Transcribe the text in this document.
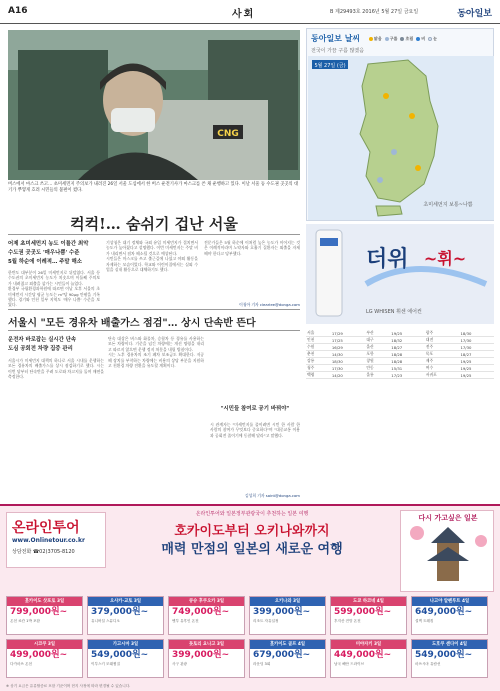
A16	사회	B 제29493호 2016년 5월 27일 금요일	동아일보
CNG
버스에서 마스크 쓰고… 초미세먼지 주의보가 내려진 26일 서울 도심에서 한 버스 운전기사가 마스크를 쓴 채 운행하고 있다. 이날 서울 등 수도권 곳곳의 대기가 뿌옇게 흐려 시민들의 불편이 컸다.
컥컥!… 숨쉬기 겁난 서울
어제 초미세먼지 농도 이틀간 최악
수도권 곳곳도 '매우나쁨' 수준
5월 하순에 이례적… 주말 해소

한반도 대부분이 26일 미세먼지로 뒤덮였다. 서울 등 수도권의 초미세먼지 농도가 치솟으며 이틀째 주의보가 내려졌고 외출을 삼가는 시민들이 늘었다.

환경부 국립환경과학원에 따르면 이날 오후 서울의 초미세먼지 시간당 평균 농도는 m³당 90μg 안팎을 기록했다. 경기와 인천 일부 지역도 '매우 나쁨' 수준을 보였다.

기상청은 대기 정체와 국외 유입 미세먼지가 겹치면서 농도가 높아졌다고 설명했다. 이번 미세먼지는 주말 비가 내리면서 점차 해소될 것으로 예상된다.

시민들은 마스크를 쓰고 출근길에 나섰고 야외 활동을 자제하는 모습이었다. 학교와 어린이집에서는 실외 수업을 실내 활동으로 대체하기도 했다.

전문가들은 5월 하순에 이처럼 높은 농도가 이어지는 것은 이례적이라며 노약자와 호흡기 질환자는 외출을 자제해야 한다고 당부했다.

이청아 기자 clearlee@donga.com
동아일보 날씨	맑음 구름 흐림 비 눈
전국이 가끔 구름 많겠음
5월 27일 (금)
초미세먼지 보통~나쁨
더위 ∼휘∼
LG WHISEN 휘센 에어컨
서울	17/29	부산	19/25	광주	18/30
인천	17/25	대구	18/32	대전	17/30
수원	16/29	울산	18/27	전주	17/30
춘천	14/30	포항	18/28	목포	18/27
강릉	18/30	창원	18/28	제주	19/25
청주	17/30	안동	15/31	여수	19/25
백령	14/20	울릉	17/23	서귀포	19/25
서울시 "모든 경유차 배출가스 점검"… 상시 단속반 뜬다
운전자 바로잡는 실시간 단속
도심 공회전 차량 집중 관리

서울시가 미세먼지 대책의 하나로 서울 시내를 운행하는 모든 경유차의 배출가스를 상시 점검하기로 했다. 시는 이번 달부터 단속반을 꾸려 도로와 차고지를 돌며 매연을 측정한다.

단속 대상은 버스와 화물차, 승합차 등 경유를 사용하는 모든 차량이다. 기준을 넘긴 차량에는 개선 명령을 내리고 따르지 않으면 운행 정지 처분을 내릴 방침이다.

시는 노후 경유차의 조기 폐차 보조금도 확대한다. 저공해 장치를 부착하는 차량에는 비용의 상당 부분을 지원하고 친환경 차량 전환을 유도할 계획이다.

"시민들 참여로 공기 바꿔야"

시 관계자는 "미세먼지를 줄이려면 시민 한 사람 한 사람의 참여가 무엇보다 중요하다"며 "대중교통 이용과 공회전 줄이기에 동참해 달라"고 말했다.

김성희 기자 saint@donga.com
온라인투어
www.Onlinetour.co.kr
상담전화 ☎02)3705-8120
온라인투어와 일본정부관광국이 추천하는 일본 여행
호카이도부터 오키나와까지
매력 만점의 일본의 새로운 여행
다시 가고싶은 일본
홋카이도 삿포로 3일
799,000원~
온천 료칸 1박 포함
오사카·교토 3일
379,000원~
유니버설 스튜디오
큐슈 후쿠오카 3일
749,000원~
벳부 유후인 온천
오키나와 3일
399,000원~
리조트 자유일정
도쿄 하코네 4일
599,000원~
후지산 전망 온천
나고야 알펜루트 4일
649,000원~
설벽 트레킹
시코쿠 3일
499,000원~
다카마쓰 온천
가고시마 3일
549,000원~
이부스키 모래찜질
돗토리 요나고 3일
399,000원~
사구 관광
홋카이도 골프 4일
679,000원~
라운딩 3회
미야자키 3일
449,000원~
남국 해안 드라이브
도호쿠 센다이 4일
549,000원~
마쓰시마 유람선
※ 상기 요금은 유류할증료 포함 기준이며 현지 사정에 따라 변경될 수 있습니다.
